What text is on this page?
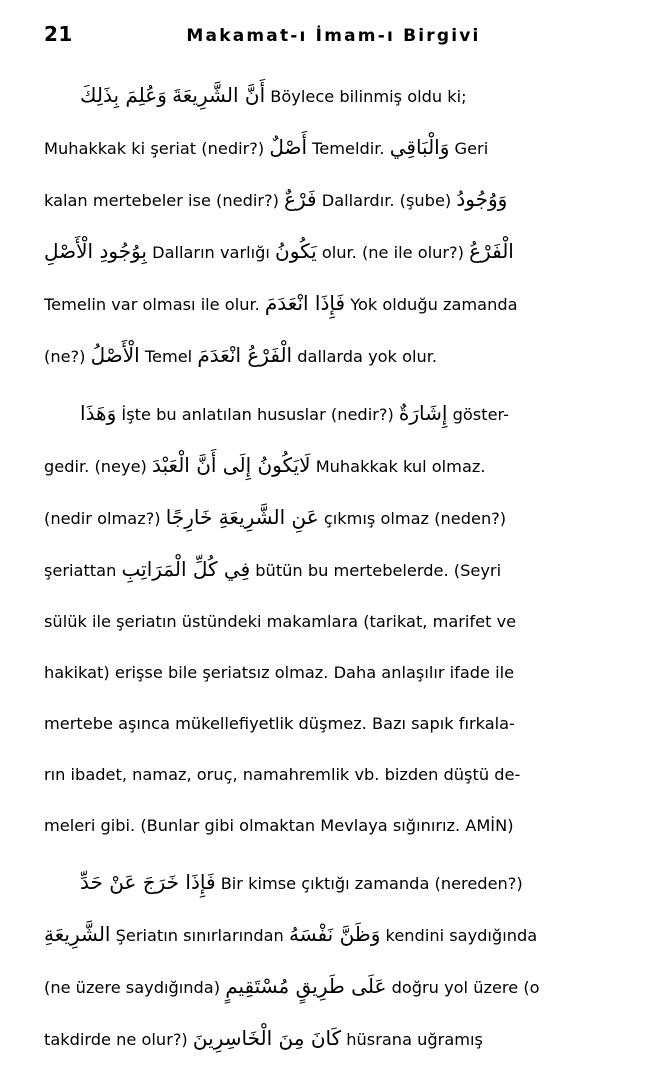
21	Makamat-ı İmam-ı Birgivi

أَنَّ الشَّرِيعَةَ وَعُلِمَ بِذَلِكَ	Böylece bilinmiş oldu ki;
Muhakkak ki şeriat (nedir?) أَصْلٌ Temeldir. وَالْبَاقِي Geri
kalan mertebeler ise (nedir?) فَرْعٌ Dallardır. (şube) وَوُجُودُ
بِوُجُودِ الْأَصْلِ Dalların varlığı يَكُونُ olur. (ne ile olur?) الْفَرْعُ
Temelin var olması ile olur. فَإِذَا انْعَدَمَ Yok olduğu zamanda
(ne?) الْأَصْلُ Temel الْفَرْعُ انْعَدَمَ dallarda yok olur.

وَهَذَا İşte bu anlatılan hususlar (nedir?) إِشَارَةٌ göster-
gedir. (neye) لَايَكُونُ إِلَى أَنَّ الْعَبْدَ Muhakkak kul olmaz.
(nedir olmaz?) عَنِ الشَّرِيعَةِ خَارِجًا çıkmış olmaz (neden?)
şeriattan فِي كُلِّ الْمَرَاتِبِ bütün bu mertebelerde. (Seyri
sülük ile şeriatın üstündeki makamlara (tarikat, marifet ve
hakikat) erişse bile şeriatsız olmaz. Daha anlaşılır ifade ile
mertebe aşınca mükellefiyetlik düşmez. Bazı sapık fırkala-
rın ibadet, namaz, oruç, namahremlik vb. bizden düştü de-
meleri gibi. (Bunlar gibi olmaktan Mevlaya sığınırız. AMİN)

فَإِذَا خَرَجَ عَنْ حَدِّ Bir kimse çıktığı zamanda (nereden?)
الشَّرِيعَةِ Şeriatın sınırlarından وَظَنَّ نَفْسَهُ kendini saydığında
(ne üzere saydığında) عَلَى طَرِيقٍ مُسْتَقِيمٍ doğru yol üzere (o
takdirde ne olur?) كَانَ مِنَ الْخَاسِرِينَ hüsrana uğramış
